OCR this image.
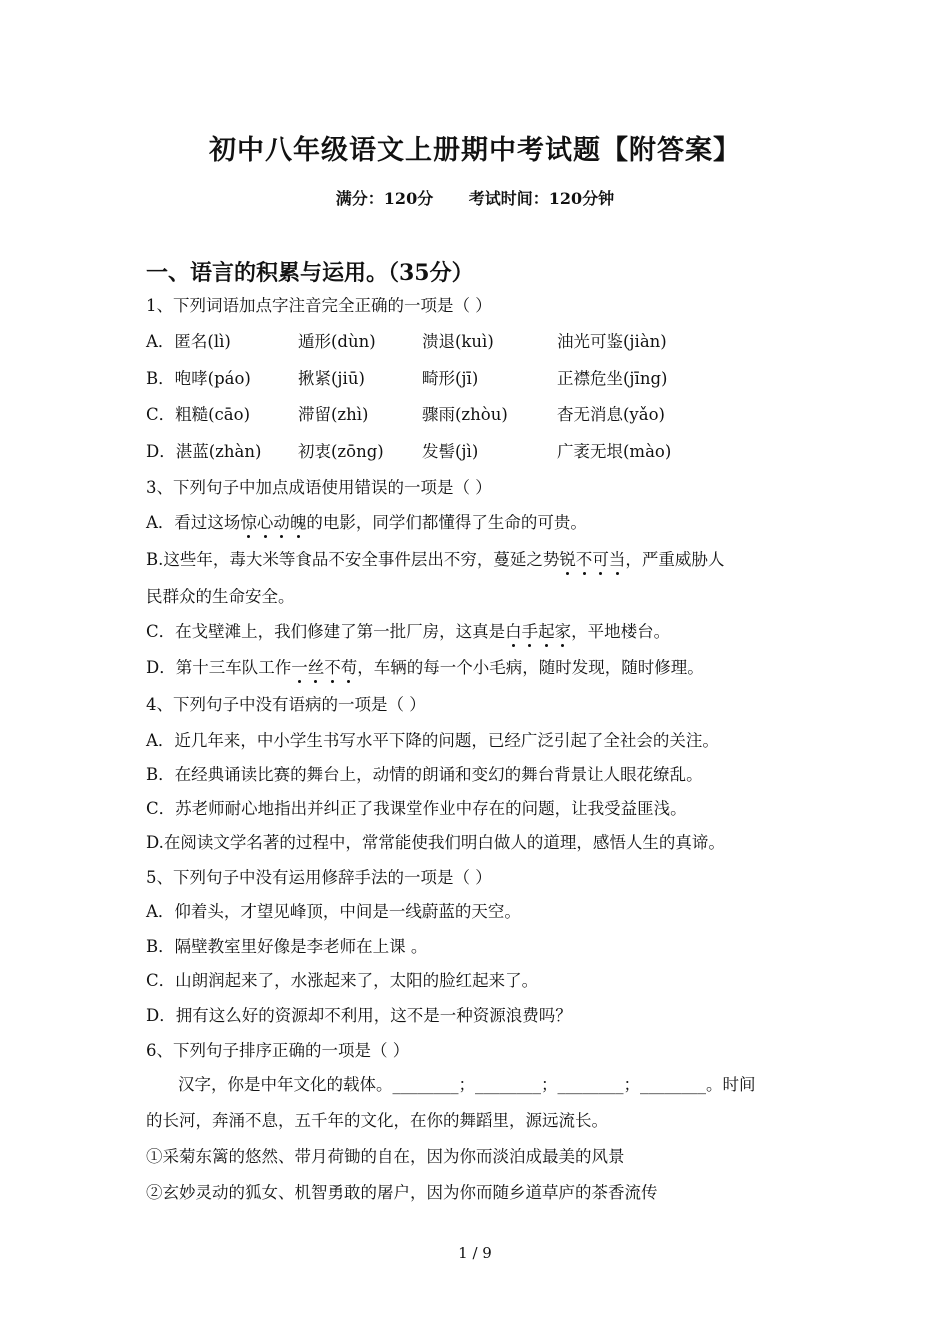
初中八年级语文上册期中考试题【附答案】
满分：120分 考试时间：120分钟
一、语言的积累与运用。（35分）
1、下列词语加点字注音完全正确的一项是（ ）
A．匿名(lì)	遁形(dùn)	溃退(kuì)	油光可鉴(jiàn)
B．咆哮(páo)	揪紧(jiū)	畸形(jī)	正襟危坐(jīng)
C．粗糙(cāo)	滞留(zhì)	骤雨(zhòu)	杳无消息(yǎo)
D．湛蓝(zhàn) 初衷(zōng) 发髻(jì)	广袤无垠(mào)
3、下列句子中加点成语使用错误的一项是（ ）
A．看过这场惊心动魄的电影，同学们都懂得了生命的可贵。
B.这些年，毒大米等食品不安全事件层出不穷，蔓延之势锐不可当，严重威胁人
民群众的生命安全。
C．在戈壁滩上，我们修建了第一批厂房，这真是白手起家，平地楼台。
D．第十三车队工作一丝不苟，车辆的每一个小毛病，随时发现，随时修理。
4、下列句子中没有语病的一项是（ ）
A．近几年来，中小学生书写水平下降的问题，已经广泛引起了全社会的关注。
B．在经典诵读比赛的舞台上，动情的朗诵和变幻的舞台背景让人眼花缭乱。
C．苏老师耐心地指出并纠正了我课堂作业中存在的问题，让我受益匪浅。
D.在阅读文学名著的过程中，常常能使我们明白做人的道理，感悟人生的真谛。
5、下列句子中没有运用修辞手法的一项是（ ）
A．仰着头，才望见峰顶，中间是一线蔚蓝的天空。
B．隔壁教室里好像是李老师在上课 。
C．山朗润起来了，水涨起来了，太阳的脸红起来了。
D．拥有这么好的资源却不利用，这不是一种资源浪费吗？
6、下列句子排序正确的一项是（ ）
汉字，你是中年文化的载体。________；________；________；________。时间
的长河，奔涌不息，五千年的文化，在你的舞蹈里，源远流长。
①采菊东篱的悠然、带月荷锄的自在，因为你而淡泊成最美的风景
②玄妙灵动的狐女、机智勇敢的屠户，因为你而随乡道草庐的茶香流传
1 / 9
